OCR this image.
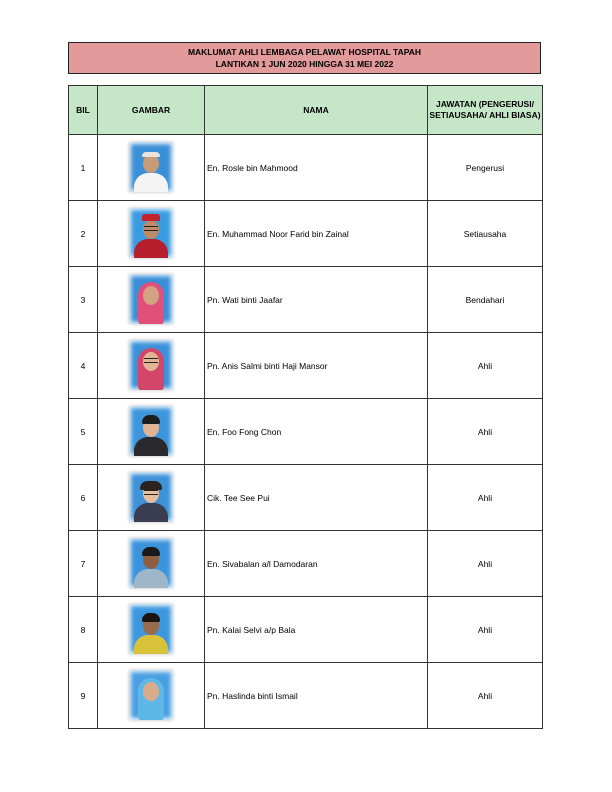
MAKLUMAT AHLI LEMBAGA PELAWAT HOSPITAL TAPAH
LANTIKAN 1 JUN 2020 HINGGA 31 MEI 2022
BIL	GAMBAR	NAMA	JAWATAN (PENGERUSI/ SETIAUSAHA/ AHLI BIASA)
1		En. Rosle bin Mahmood	Pengerusi
2		En. Muhammad Noor Farid bin Zainal	Setiausaha
3		Pn. Wati binti Jaafar	Bendahari
4		Pn. Anis Salmi binti Haji Mansor	Ahli
5		En. Foo Fong Chon	Ahli
6		Cik. Tee See Pui	Ahli
7		En. Sivabalan a/l Damodaran	Ahli
8		Pn. Kalai Selvi a/p Bala	Ahli
9		Pn. Haslinda binti Ismail	Ahli
